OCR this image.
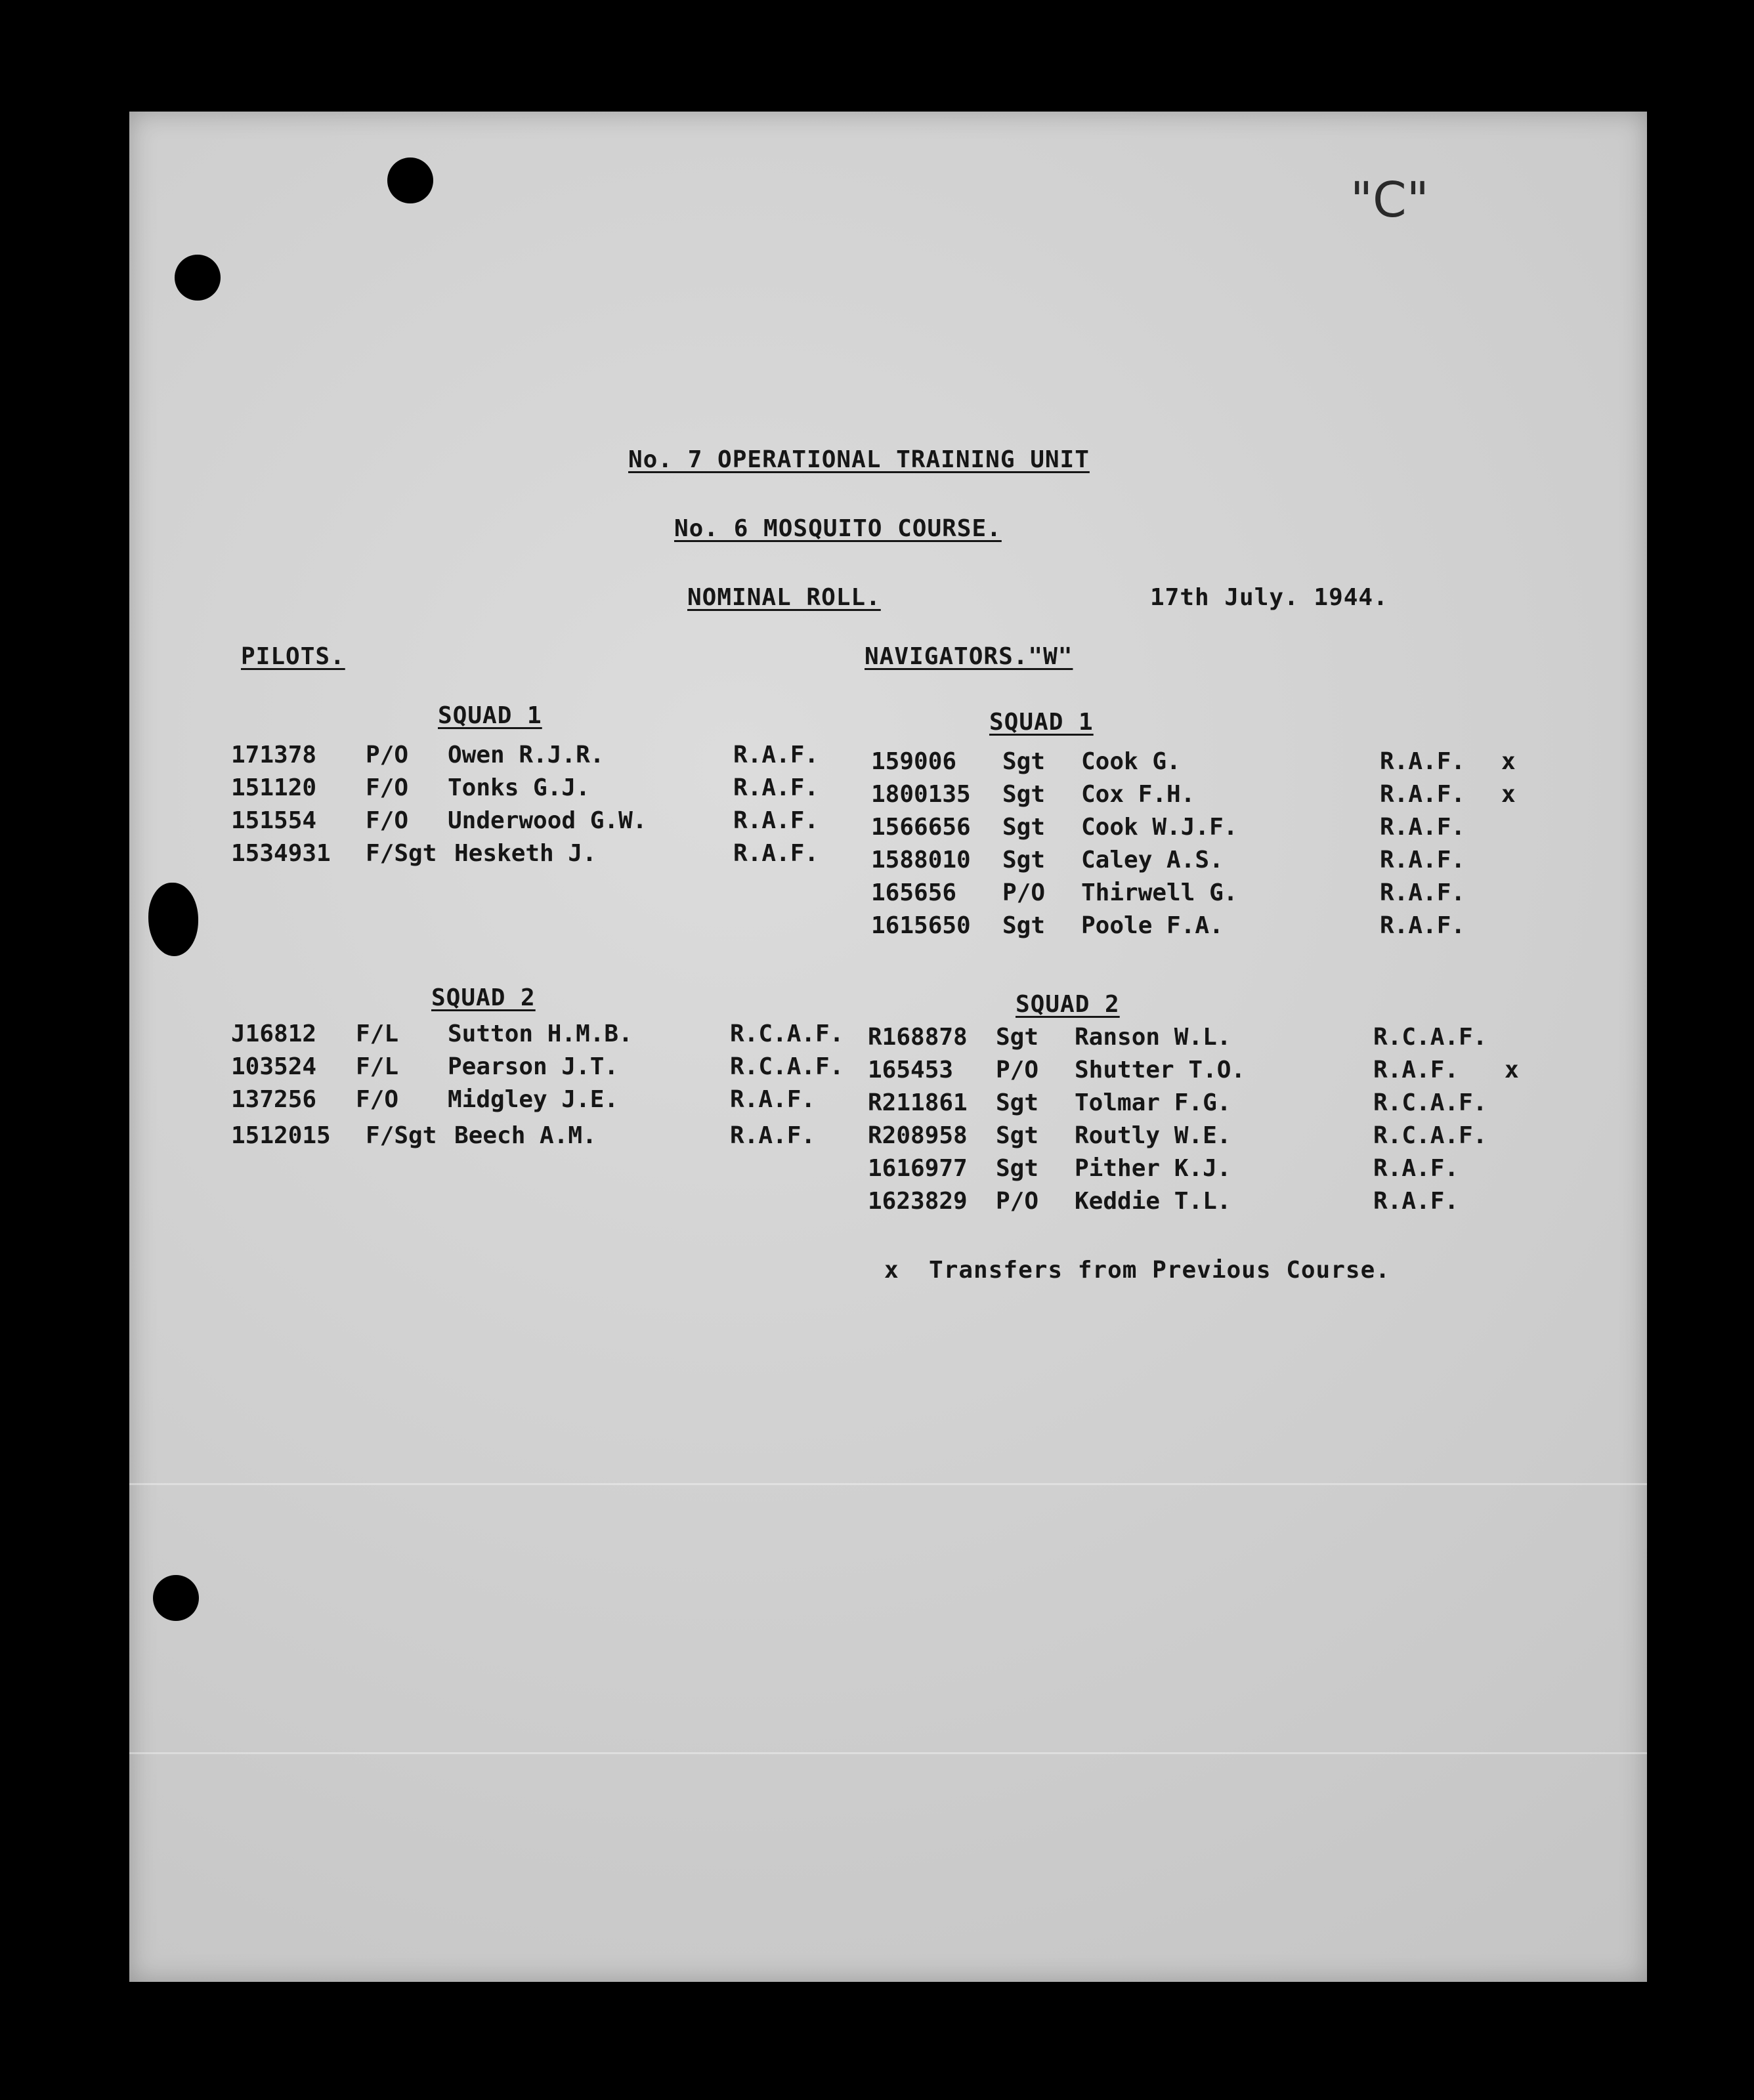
"C"
No. 7 OPERATIONAL TRAINING UNIT
No. 6 MOSQUITO COURSE.
NOMINAL ROLL.	17th July. 1944.
PILOTS.	NAVIGATORS."W"
SQUAD 1	SQUAD 1
171378 P/O Owen R.J.R.	R.A.F.
151120 F/O Tonks G.J.	R.A.F.
151554 F/O Underwood G.W.	R.A.F.
1534931 F/Sgt Hesketh J.	R.A.F.
159006 Sgt Cook G.	R.A.F. x
1800135 Sgt Cox F.H.	R.A.F. x
1566656 Sgt Cook W.J.F.	R.A.F.
1588010 Sgt Caley A.S.	R.A.F.
165656 P/O Thirwell G.	R.A.F.
1615650 Sgt Poole F.A.	R.A.F.
SQUAD 2	SQUAD 2
J16812 F/L Sutton H.M.B.	R.C.A.F.
103524 F/L Pearson J.T.	R.C.A.F.
137256 F/O Midgley J.E.	R.A.F.
1512015 F/Sgt Beech A.M.	R.A.F.
R168878 Sgt Ranson W.L.	R.C.A.F.
165453 P/O Shutter T.O.	R.A.F. x
R211861 Sgt Tolmar F.G.	R.C.A.F.
R208958 Sgt Routly W.E.	R.C.A.F.
1616977 Sgt Pither K.J.	R.A.F.
1623829 P/O Keddie T.L.	R.A.F.
x  Transfers from Previous Course.
